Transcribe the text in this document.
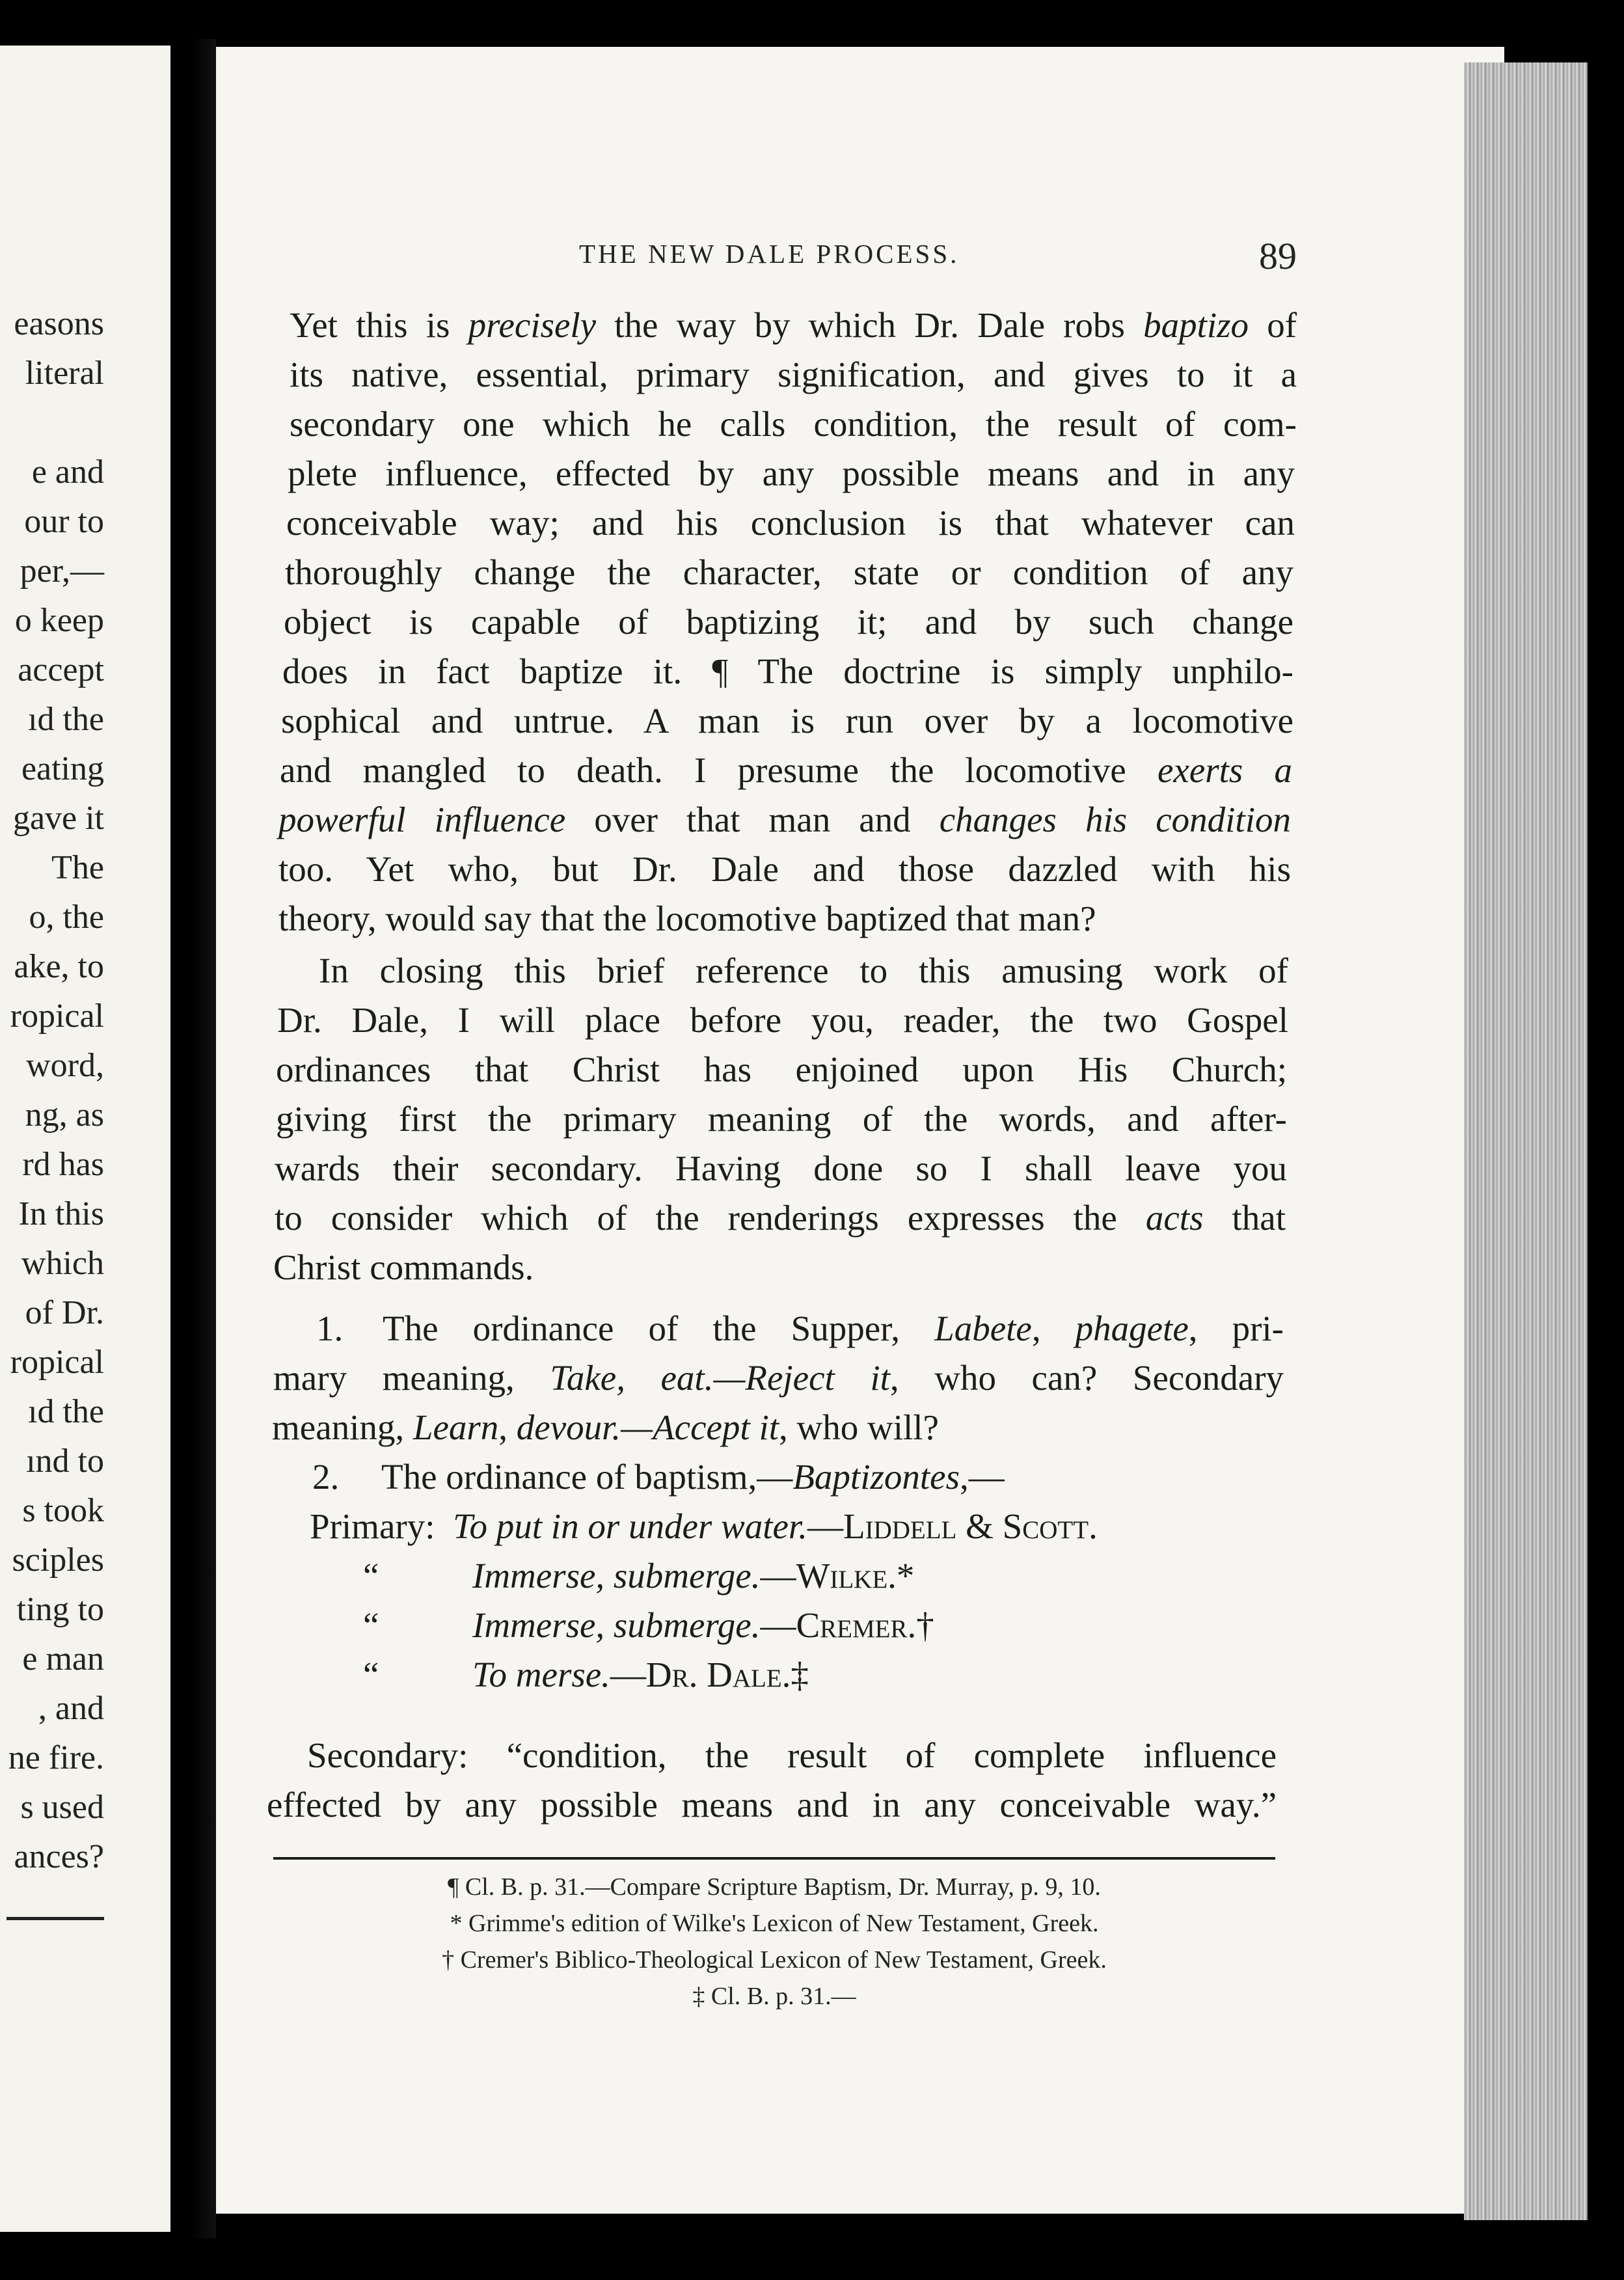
easons
literal
e and
our to
per,—
o keep
accept
ıd the
eating
gave it
The
o, the
ake, to
ropical
word,
ng, as
rd has
In this
which
of Dr.
ropical
ıd the
ınd to
s took
sciples
ting to
e man
, and
ne fire.
s used
ances?
THE NEW DALE PROCESS.	89
Yet this is precisely the way by which Dr. Dale robs baptizo of
its native, essential, primary signification, and gives to it a
secondary one which he calls condition, the result of com-
plete influence, effected by any possible means and in any
conceivable way; and his conclusion is that whatever can
thoroughly change the character, state or condition of any
object is capable of baptizing it; and by such change
does in fact baptize it. ¶ The doctrine is simply unphilo-
sophical and untrue. A man is run over by a locomotive
and mangled to death. I presume the locomotive exerts a
powerful influence over that man and changes his condition
too. Yet who, but Dr. Dale and those dazzled with his
theory, would say that the locomotive baptized that man?
In closing this brief reference to this amusing work of
Dr. Dale, I will place before you, reader, the two Gospel
ordinances that Christ has enjoined upon His Church;
giving first the primary meaning of the words, and after-
wards their secondary. Having done so I shall leave you
to consider which of the renderings expresses the acts that
Christ commands.
1. The ordinance of the Supper, Labete, phagete, pri-
mary meaning, Take, eat.—Reject it, who can? Secondary
meaning, Learn, devour.—Accept it, who will?
2. The ordinance of baptism,—Baptizontes,—
Primary: To put in or under water.—Liddell & Scott.
“	Immerse, submerge.—Wilke.*
“	Immerse, submerge.—Cremer.†
“	To merse.—Dr. Dale.‡
Secondary: “condition, the result of complete influence
effected by any possible means and in any conceivable way.”
¶ Cl. B. p. 31.—Compare Scripture Baptism, Dr. Murray, p. 9, 10.
* Grimme's edition of Wilke's Lexicon of New Testament, Greek.
† Cremer's Biblico-Theological Lexicon of New Testament, Greek.
‡ Cl. B. p. 31.—
